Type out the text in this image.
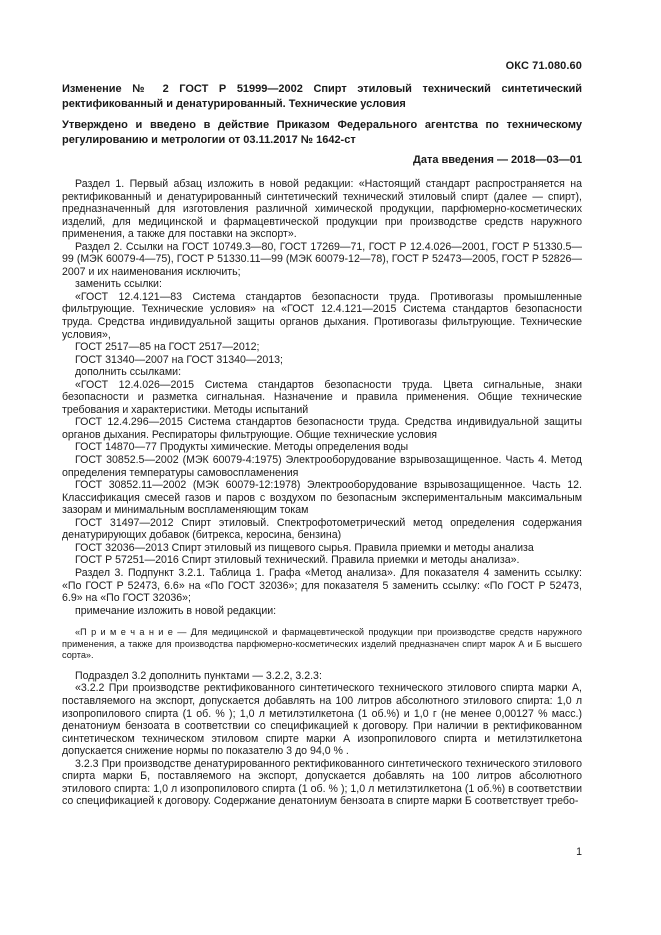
ОКС 71.080.60
Изменение № 2 ГОСТ Р 51999—2002 Спирт этиловый технический синтетический ректификованный и денатурированный. Технические условия
Утверждено и введено в действие Приказом Федерального агентства по техническому регулированию и метрологии от 03.11.2017 № 1642-ст
Дата введения — 2018—03—01

Раздел 1. Первый абзац изложить в новой редакции: «Настоящий стандарт распространяется на ректификованный и денатурированный синтетический технический этиловый спирт (далее — спирт), предназначенный для изготовления различной химической продукции, парфюмерно-косметических изделий, для медицинской и фармацевтической продукции при производстве средств наружного применения, а также для поставки на экспорт».

Раздел 2. Ссылки на ГОСТ 10749.3—80, ГОСТ 17269—71, ГОСТ Р 12.4.026—2001, ГОСТ Р 51330.5—99 (МЭК 60079-4—75), ГОСТ Р 51330.11—99 (МЭК 60079-12—78), ГОСТ Р 52473—2005, ГОСТ Р 52826—2007 и их наименования исключить;

заменить ссылки:

«ГОСТ 12.4.121—83 Система стандартов безопасности труда. Противогазы промышленные фильтрующие. Технические условия» на «ГОСТ 12.4.121—2015 Система стандартов безопасности труда. Средства индивидуальной защиты органов дыхания. Противогазы фильтрующие. Технические условия»,

ГОСТ 2517—85 на ГОСТ 2517—2012;

ГОСТ 31340—2007 на ГОСТ 31340—2013;

дополнить ссылками:

«ГОСТ 12.4.026—2015 Система стандартов безопасности труда. Цвета сигнальные, знаки безопасности и разметка сигнальная. Назначение и правила применения. Общие технические требования и характеристики. Методы испытаний

ГОСТ 12.4.296—2015 Система стандартов безопасности труда. Средства индивидуальной защиты органов дыхания. Респираторы фильтрующие. Общие технические условия

ГОСТ 14870—77 Продукты химические. Методы определения воды

ГОСТ 30852.5—2002 (МЭК 60079-4:1975) Электрооборудование взрывозащищенное. Часть 4. Метод определения температуры самовоспламенения

ГОСТ 30852.11—2002 (МЭК 60079-12:1978) Электрооборудование взрывозащищенное. Часть 12. Классификация смесей газов и паров с воздухом по безопасным экспериментальным максимальным зазорам и минимальным воспламеняющим токам

ГОСТ 31497—2012 Спирт этиловый. Спектрофотометрический метод определения содержания денатурирующих добавок (битрекса, керосина, бензина)

ГОСТ 32036—2013 Спирт этиловый из пищевого сырья. Правила приемки и методы анализа

ГОСТ Р 57251—2016 Спирт этиловый технический. Правила приемки и методы анализа».

Раздел 3. Подпункт 3.2.1. Таблица 1. Графа «Метод анализа». Для показателя 4 заменить ссылку: «По ГОСТ Р 52473, 6.6» на «По ГОСТ 32036»; для показателя 5 заменить ссылку: «По ГОСТ Р 52473, 6.9» на «По ГОСТ 32036»;

примечание изложить в новой редакции:

«П р и м е ч а н и е — Для медицинской и фармацевтической продукции при производстве средств наружного применения, а также для производства парфюмерно-косметических изделий предназначен спирт марок А и Б высшего сорта».

Подраздел 3.2 дополнить пунктами — 3.2.2, 3.2.3:

«3.2.2 При производстве ректификованного синтетического технического этилового спирта марки А, поставляемого на экспорт, допускается добавлять на 100 литров абсолютного этилового спирта: 1,0 л изопропилового спирта (1 об. % ); 1,0 л метилэтилкетона (1 об.%) и 1,0 г (не менее 0,00127 % масс.) денатониум бензоата в соответствии со спецификацией к договору. При наличии в ректификованном синтетическом техническом этиловом спирте марки А изопропилового спирта и метилэтилкетона допускается снижение нормы по показателю 3 до 94,0 % .

3.2.3 При производстве денатурированного ректификованного синтетического технического этилового спирта марки Б, поставляемого на экспорт, допускается добавлять на 100 литров абсолютного этилового спирта: 1,0 л изопропилового спирта (1 об. % ); 1,0 л метилэтилкетона (1 об.%) в соответствии со спецификацией к договору. Содержание денатониум бензоата в спирте марки Б соответствует требо-

1
